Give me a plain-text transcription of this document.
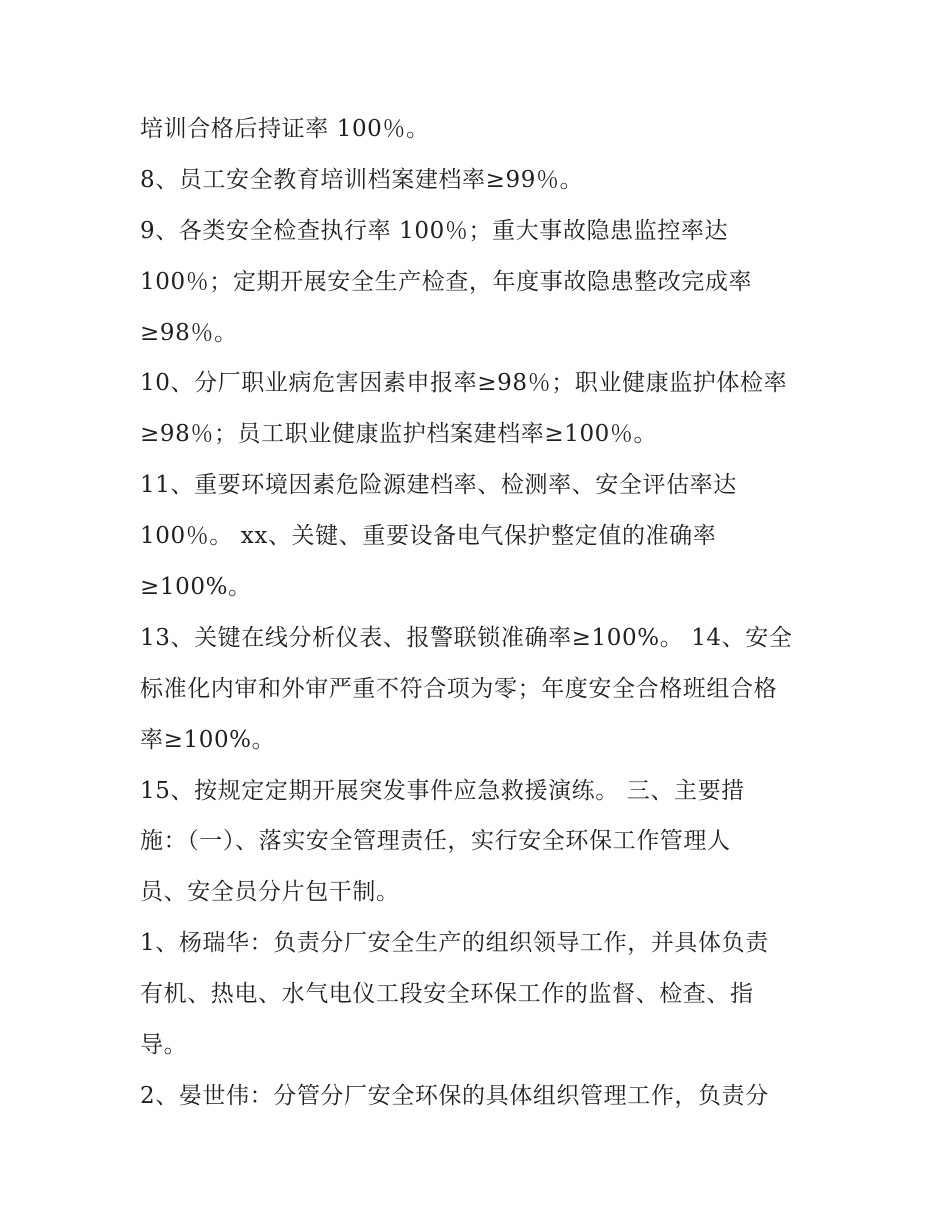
培训合格后持证率 100％。
8、员工安全教育培训档案建档率≥99％。
9、各类安全检查执行率 100％；重大事故隐患监控率达
100％；定期开展安全生产检查，年度事故隐患整改完成率
≥98％。
10、分厂职业病危害因素申报率≥98％；职业健康监护体检率
≥98％；员工职业健康监护档案建档率≥100％。
11、重要环境因素危险源建档率、检测率、安全评估率达
100％。 xx、关键、重要设备电气保护整定值的准确率
≥100%。
13、关键在线分析仪表、报警联锁准确率≥100%。 14、安全
标准化内审和外审严重不符合项为零；年度安全合格班组合格
率≥100%。
15、按规定定期开展突发事件应急救援演练。 三、主要措
施：（一）、落实安全管理责任，实行安全环保工作管理人
员、安全员分片包干制。
1、杨瑞华：负责分厂安全生产的组织领导工作，并具体负责
有机、热电、水气电仪工段安全环保工作的监督、检查、指
导。
2、晏世伟：分管分厂安全环保的具体组织管理工作，负责分
